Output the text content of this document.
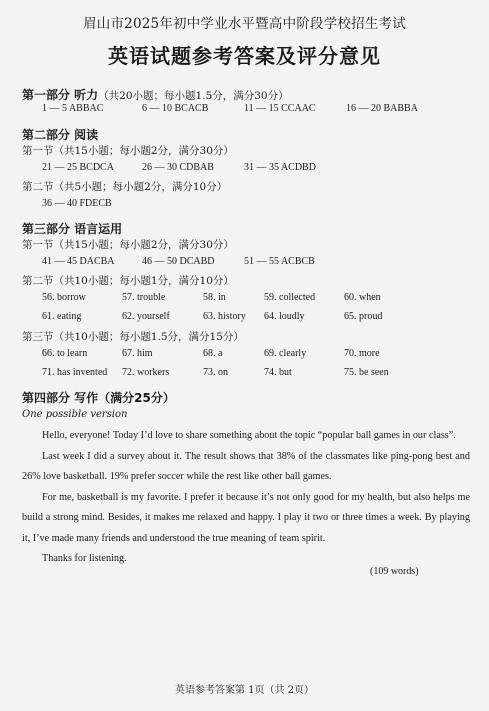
眉山市2025年初中学业水平暨高中阶段学校招生考试
英语试题参考答案及评分意见
第一部分 听力（共20小题；每小题1.5分，满分30分）
1 — 5 ABBAC	6 — 10 BCACB	11 — 15 CCAAC	16 — 20 BABBA
第二部分 阅读
第一节（共15小题；每小题2分，满分30分）
21 — 25 BCDCA	26 — 30 CDBAB	31 — 35 ACDBD
第二节（共5小题；每小题2分，满分10分）
36 — 40 FDECB
第三部分 语言运用
第一节（共15小题；每小题2分，满分30分）
41 — 45 DACBA	46 — 50 DCABD	51 — 55 ACBCB
第二节（共10小题；每小题1分，满分10分）
56. borrow	57. trouble	58. in	59. collected	60. when
61. eating	62. yourself	63. history 64. loudly	65. proud
第三节（共10小题；每小题1.5分，满分15分）
66. to learn	67. him	68. a	69. clearly	70. more
71. has invented 72. workers	73. on	74. but	75. be seen
第四部分 写作（满分25分）
One possible version

Hello, everyone! Today I’d love to share something about the topic “popular ball games in our class”.

Last week I did a survey about it. The result shows that 38% of the classmates like ping-pong best and 26% love basketball. 19% prefer soccer while the rest like other ball games.

For me, basketball is my favorite. I prefer it because it’s not only good for my health, but also helps me build a strong mind. Besides, it makes me relaxed and happy. I play it two or three times a week. By playing it, I’ve made many friends and understood the true meaning of team spirit.

Thanks for listening.

(109 words)
英语参考答案第 1页（共 2页）
